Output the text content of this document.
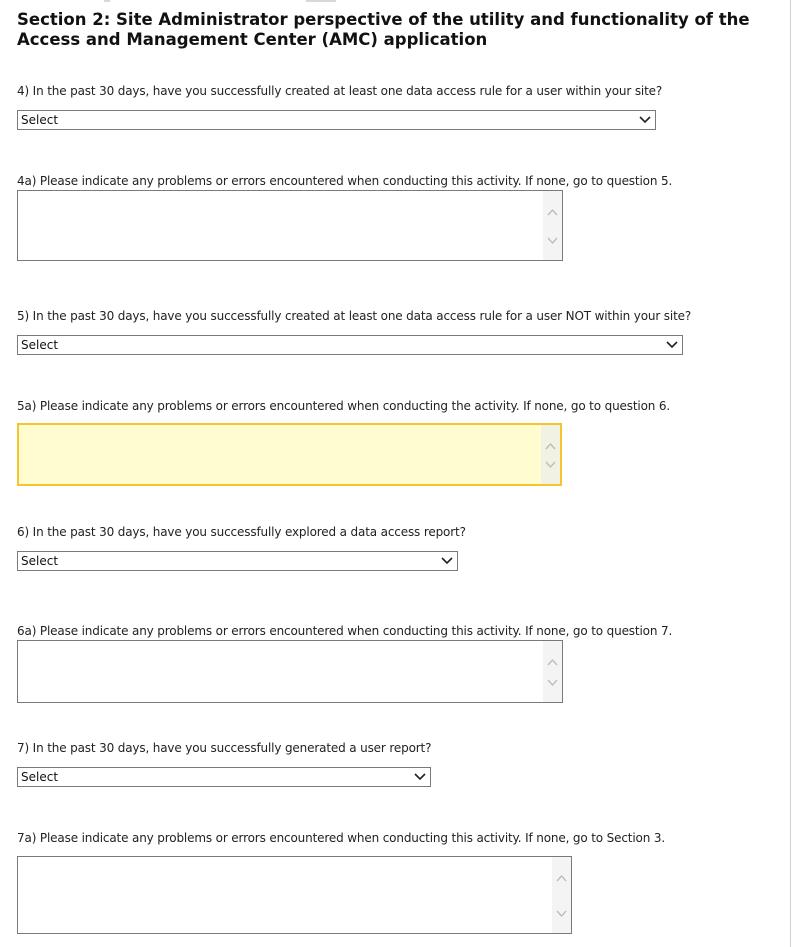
Section 2: Site Administrator perspective of the utility and functionality of the Access and Management Center (AMC) application
4) In the past 30 days, have you successfully created at least one data access rule for a user within your site?
Select
4a) Please indicate any problems or errors encountered when conducting this activity. If none, go to question 5.
5) In the past 30 days, have you successfully created at least one data access rule for a user NOT within your site?
Select
5a) Please indicate any problems or errors encountered when conducting the activity. If none, go to question 6.
6) In the past 30 days, have you successfully explored a data access report?
Select
6a) Please indicate any problems or errors encountered when conducting this activity. If none, go to question 7.
7) In the past 30 days, have you successfully generated a user report?
Select
7a) Please indicate any problems or errors encountered when conducting this activity. If none, go to Section 3.
